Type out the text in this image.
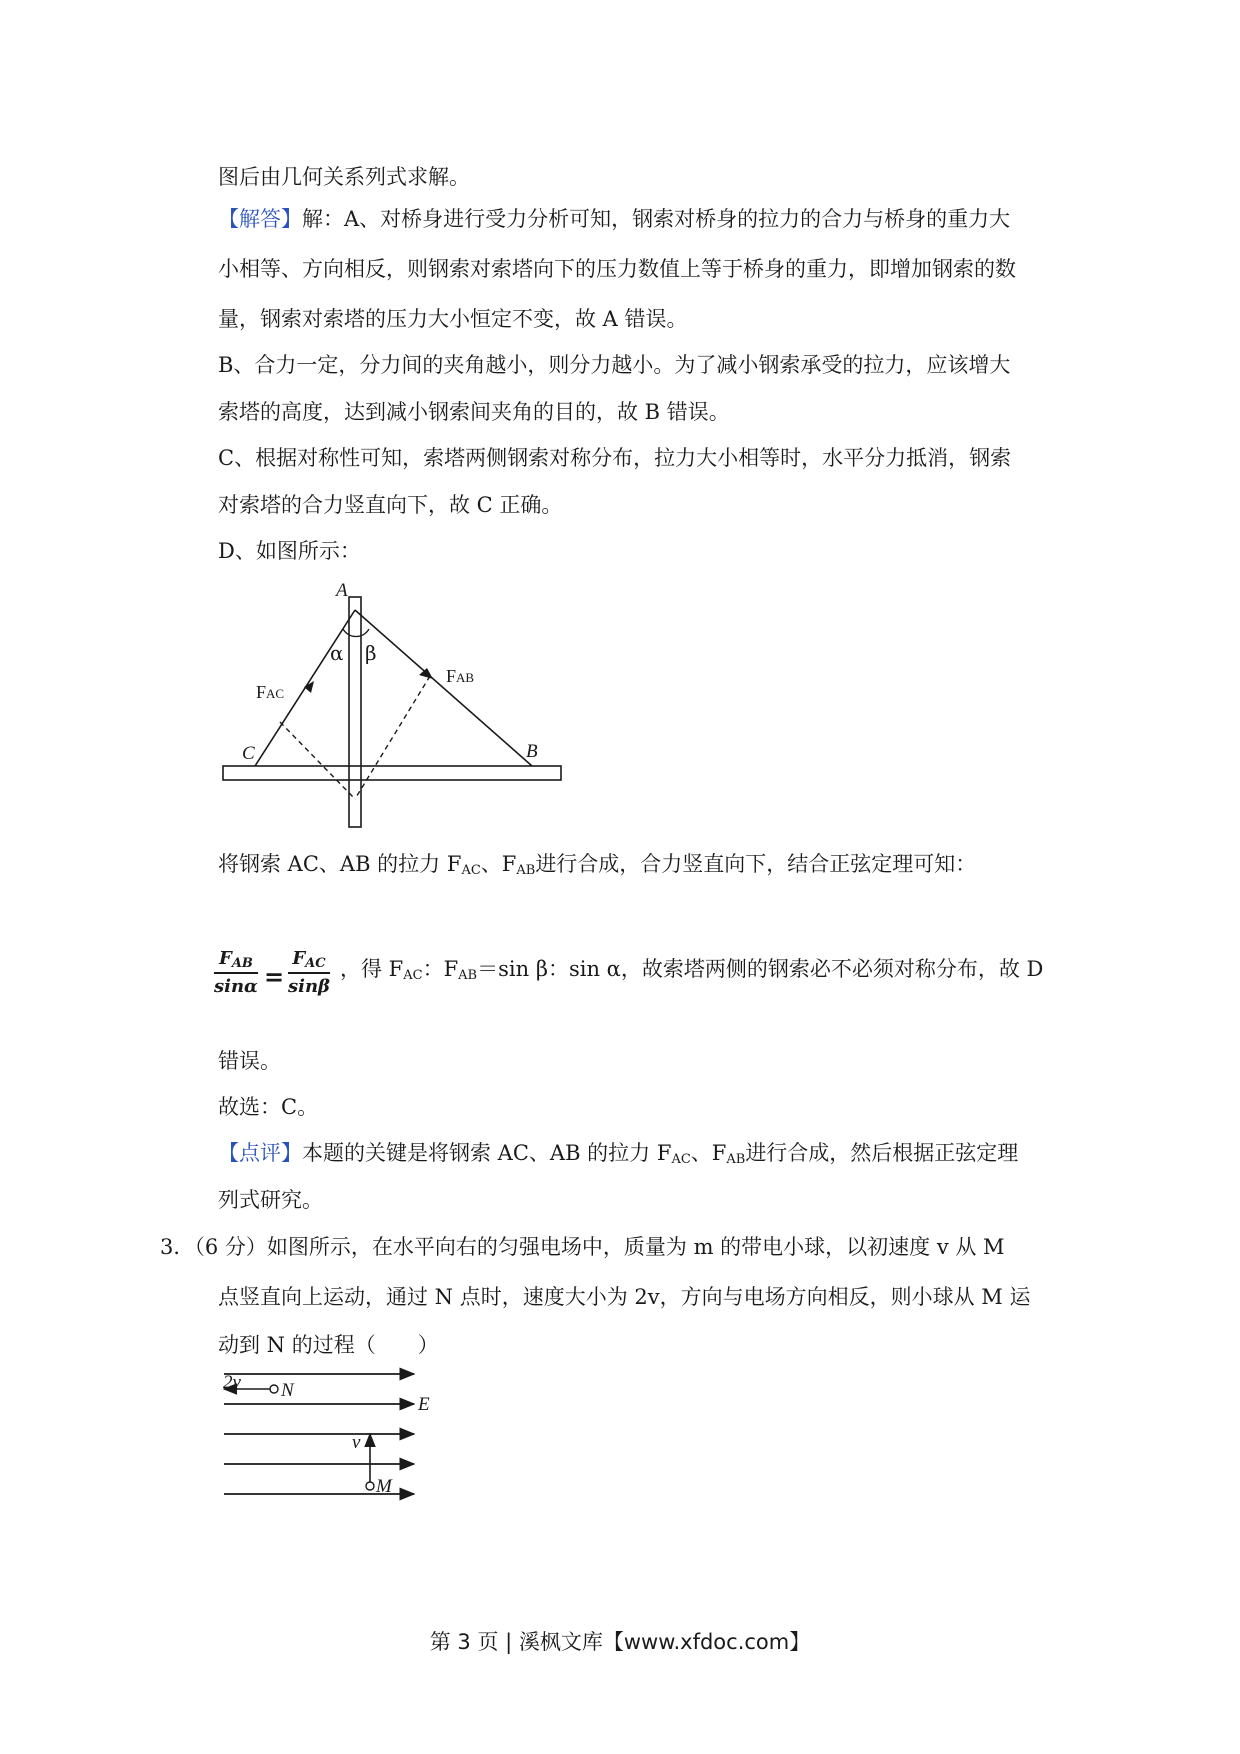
图后由几何关系列式求解。
【解答】解：A、对桥身进行受力分析可知，钢索对桥身的拉力的合力与桥身的重力大
小相等、方向相反，则钢索对索塔向下的压力数值上等于桥身的重力，即增加钢索的数
量，钢索对索塔的压力大小恒定不变，故 A 错误。
B、合力一定，分力间的夹角越小，则分力越小。为了减小钢索承受的拉力，应该增大
索塔的高度，达到减小钢索间夹角的目的，故 B 错误。
C、根据对称性可知，索塔两侧钢索对称分布，拉力大小相等时，水平分力抵消，钢索
对索塔的合力竖直向下，故 C 正确。
D、如图所示：
A
α β
FAC
FAB
C	B
将钢索 AC、AB 的拉力 $F_{AC}$、$F_{AB}$进行合成，合力竖直向下，结合正弦定理可知：
$F_{AB}$
sinα =
$F_{AC}$
sinβ
，得 $F_{AC}$：$F_{AB}=\sin$ β：sin α，故索塔两侧的钢索必不必须对称分布，故 D
错误。
故选：C。
【点评】本题的关键是将钢索 AC、AB 的拉力 $F_{AC}$、$F_{AB}$进行合成，然后根据正弦定理
列式研究。
3．（6 分）如图所示，在水平向右的匀强电场中，质量为 m 的带电小球，以初速度 v 从 M
点竖直向上运动，通过 N 点时，速度大小为 2v，方向与电场方向相反，则小球从 M 运
动到 N 的过程（　　）
2v N
E
v
M
第 3 页 | 溪枫文库【www.xfdoc.com】
